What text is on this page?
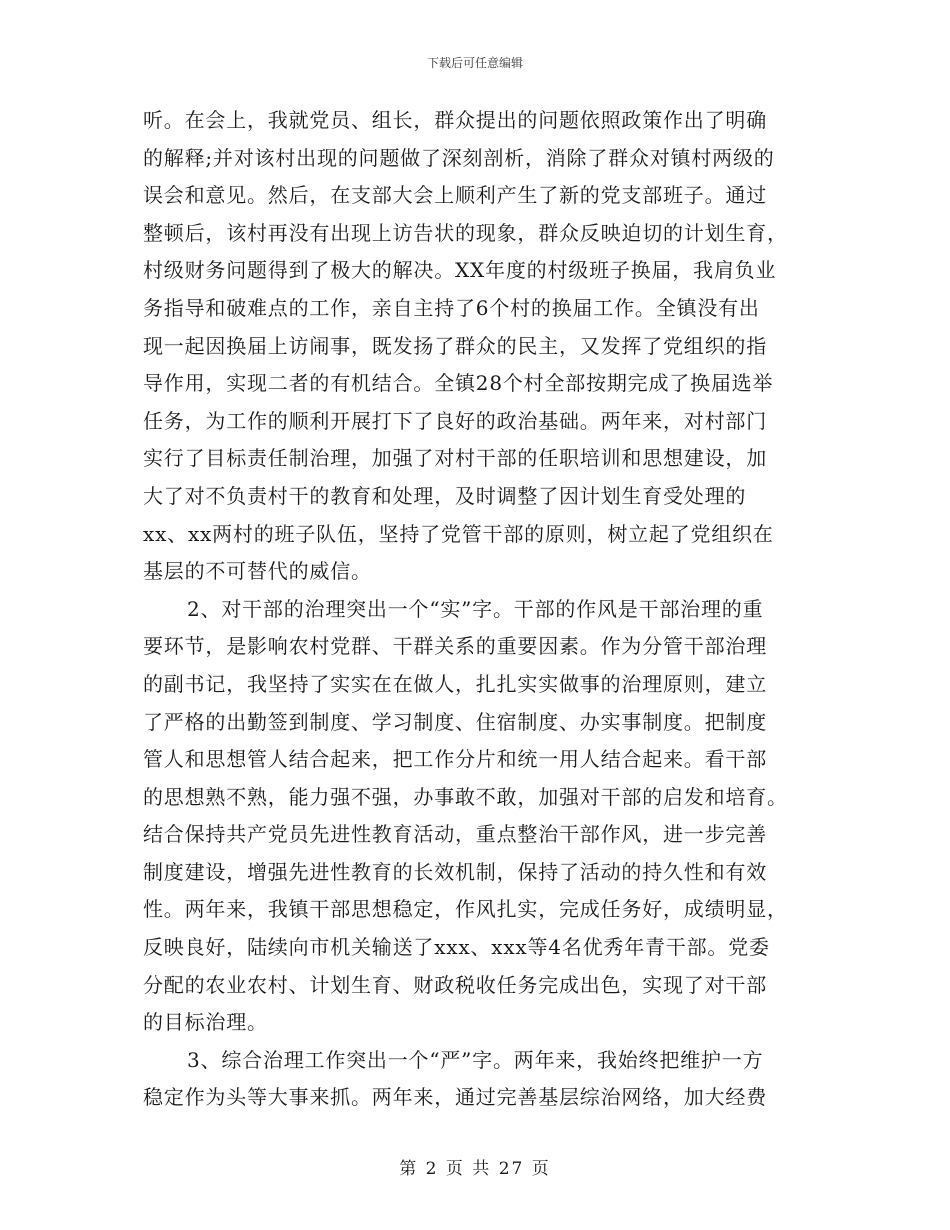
下载后可任意编辑
听。在会上，我就党员、组长，群众提出的问题依照政策作出了明确
的解释;并对该村出现的问题做了深刻剖析，消除了群众对镇村两级的
误会和意见。然后，在支部大会上顺利产生了新的党支部班子。通过
整顿后，该村再没有出现上访告状的现象，群众反映迫切的计划生育，
村级财务问题得到了极大的解决。XX年度的村级班子换届，我肩负业
务指导和破难点的工作，亲自主持了6个村的换届工作。全镇没有出
现一起因换届上访闹事，既发扬了群众的民主，又发挥了党组织的指
导作用，实现二者的有机结合。全镇28个村全部按期完成了换届选举
任务，为工作的顺利开展打下了良好的政治基础。两年来，对村部门
实行了目标责任制治理，加强了对村干部的任职培训和思想建设，加
大了对不负责村干的教育和处理，及时调整了因计划生育受处理的
xx、xx两村的班子队伍，坚持了党管干部的原则，树立起了党组织在
基层的不可替代的威信。
2、对干部的治理突出一个“实”字。干部的作风是干部治理的重
要环节，是影响农村党群、干群关系的重要因素。作为分管干部治理
的副书记，我坚持了实实在在做人，扎扎实实做事的治理原则，建立
了严格的出勤签到制度、学习制度、住宿制度、办实事制度。把制度
管人和思想管人结合起来，把工作分片和统一用人结合起来。看干部
的思想熟不熟，能力强不强，办事敢不敢，加强对干部的启发和培育。
结合保持共产党员先进性教育活动，重点整治干部作风，进一步完善
制度建设，增强先进性教育的长效机制，保持了活动的持久性和有效
性。两年来，我镇干部思想稳定，作风扎实，完成任务好，成绩明显，
反映良好，陆续向市机关输送了xxx、xxx等4名优秀年青干部。党委
分配的农业农村、计划生育、财政税收任务完成出色，实现了对干部
的目标治理。
3、综合治理工作突出一个“严”字。两年来，我始终把维护一方
稳定作为头等大事来抓。两年来，通过完善基层综治网络，加大经费
第 2 页 共 27 页
